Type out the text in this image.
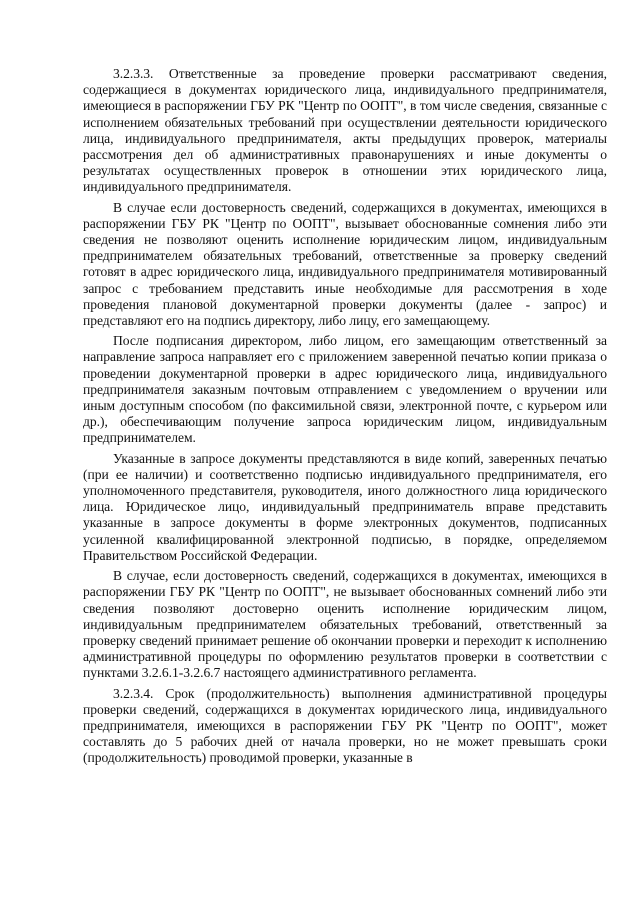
3.2.3.3. Ответственные за проведение проверки рассматривают сведения, содержащиеся в документах юридического лица, индивидуального предпринимателя, имеющиеся в распоряжении ГБУ РК "Центр по ООПТ", в том числе сведения, связанные с исполнением обязательных требований при осуществлении деятельности юридического лица, индивидуального предпринимателя, акты предыдущих проверок, материалы рассмотрения дел об административных правонарушениях и иные документы о результатах осуществленных проверок в отношении этих юридического лица, индивидуального предпринимателя.

В случае если достоверность сведений, содержащихся в документах, имеющихся в распоряжении ГБУ РК "Центр по ООПТ", вызывает обоснованные сомнения либо эти сведения не позволяют оценить исполнение юридическим лицом, индивидуальным предпринимателем обязательных требований, ответственные за проверку сведений готовят в адрес юридического лица, индивидуального предпринимателя мотивированный запрос с требованием представить иные необходимые для рассмотрения в ходе проведения плановой документарной проверки документы (далее - запрос) и представляют его на подпись директору, либо лицу, его замещающему.

После подписания директором, либо лицом, его замещающим ответственный за направление запроса направляет его с приложением заверенной печатью копии приказа о проведении документарной проверки в адрес юридического лица, индивидуального предпринимателя заказным почтовым отправлением с уведомлением о вручении или иным доступным способом (по факсимильной связи, электронной почте, с курьером или др.), обеспечивающим получение запроса юридическим лицом, индивидуальным предпринимателем.

Указанные в запросе документы представляются в виде копий, заверенных печатью (при ее наличии) и соответственно подписью индивидуального предпринимателя, его уполномоченного представителя, руководителя, иного должностного лица юридического лица. Юридическое лицо, индивидуальный предприниматель вправе представить указанные в запросе документы в форме электронных документов, подписанных усиленной квалифицированной электронной подписью, в порядке, определяемом Правительством Российской Федерации.

В случае, если достоверность сведений, содержащихся в документах, имеющихся в распоряжении ГБУ РК "Центр по ООПТ", не вызывает обоснованных сомнений либо эти сведения позволяют достоверно оценить исполнение юридическим лицом, индивидуальным предпринимателем обязательных требований, ответственный за проверку сведений принимает решение об окончании проверки и переходит к исполнению административной процедуры по оформлению результатов проверки в соответствии с пунктами 3.2.6.1-3.2.6.7 настоящего административного регламента.

3.2.3.4. Срок (продолжительность) выполнения административной процедуры проверки сведений, содержащихся в документах юридического лица, индивидуального предпринимателя, имеющихся в распоряжении ГБУ РК "Центр по ООПТ", может составлять до 5 рабочих дней от начала проверки, но не может превышать сроки (продолжительность) проводимой проверки, указанные в
